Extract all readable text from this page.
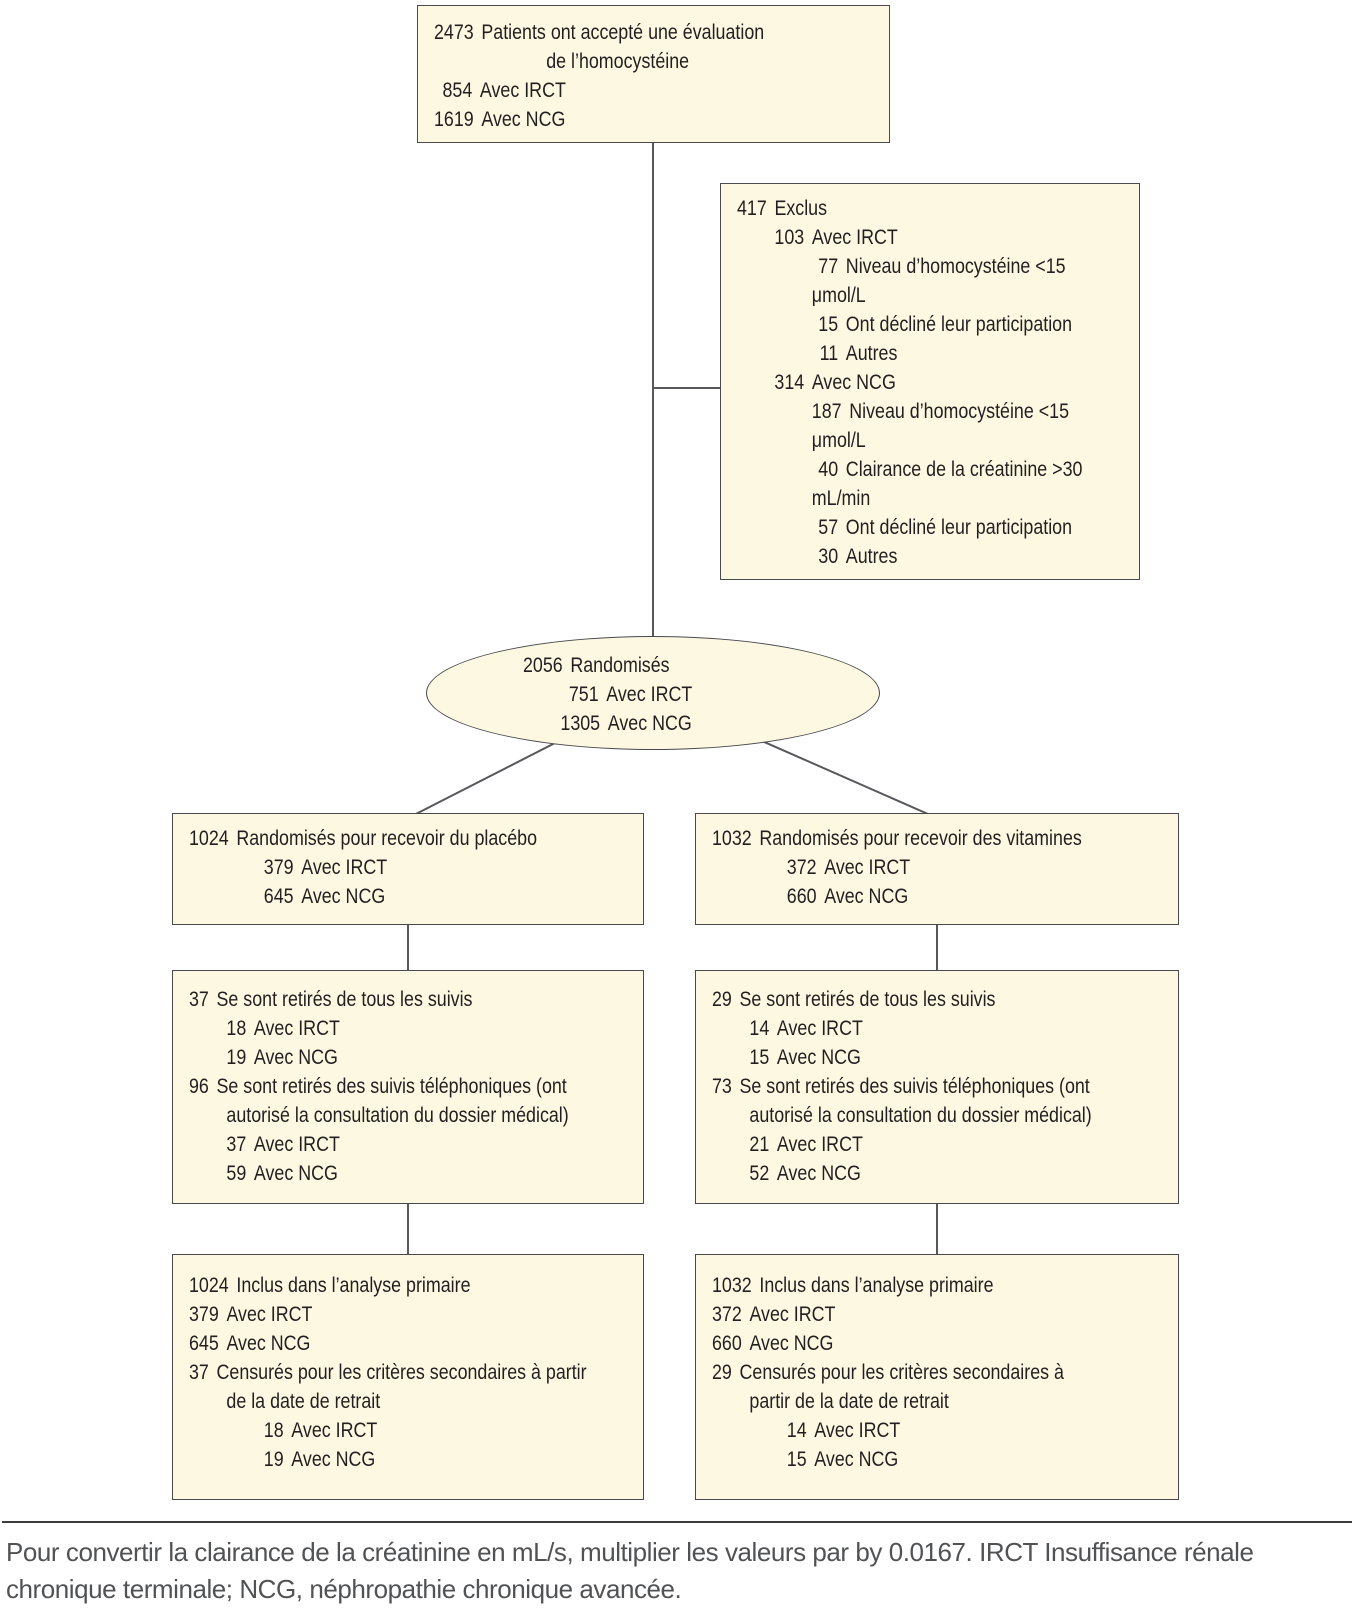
2473 Patients ont accepté une évaluation
de l’homocystéine
854 Avec IRCT
1619 Avec NCG
417 Exclus
103 Avec IRCT
77 Niveau d’homocystéine <15
μmol/L
15 Ont décliné leur participation
11 Autres
314 Avec NCG
187 Niveau d’homocystéine <15
μmol/L
40 Clairance de la créatinine >30
mL/min
57 Ont décliné leur participation
30 Autres
2056 Randomisés
751 Avec IRCT
1305 Avec NCG
1024 Randomisés pour recevoir du placébo
379 Avec IRCT
645 Avec NCG
1032 Randomisés pour recevoir des vitamines
372 Avec IRCT
660 Avec NCG
37 Se sont retirés de tous les suivis
18 Avec IRCT
19 Avec NCG
96 Se sont retirés des suivis téléphoniques (ont
autorisé la consultation du dossier médical)
37 Avec IRCT
59 Avec NCG
29 Se sont retirés de tous les suivis
14 Avec IRCT
15 Avec NCG
73 Se sont retirés des suivis téléphoniques (ont
autorisé la consultation du dossier médical)
21 Avec IRCT
52 Avec NCG
1024 Inclus dans l’analyse primaire
379 Avec IRCT
645 Avec NCG
37 Censurés pour les critères secondaires à partir
de la date de retrait
18 Avec IRCT
19 Avec NCG
1032 Inclus dans l’analyse primaire
372 Avec IRCT
660 Avec NCG
29 Censurés pour les critères secondaires à
partir de la date de retrait
14 Avec IRCT
15 Avec NCG
Pour convertir la clairance de la créatinine en mL/s, multiplier les valeurs par by 0.0167. IRCT Insuffisance rénale chronique terminale; NCG, néphropathie chronique avancée.
